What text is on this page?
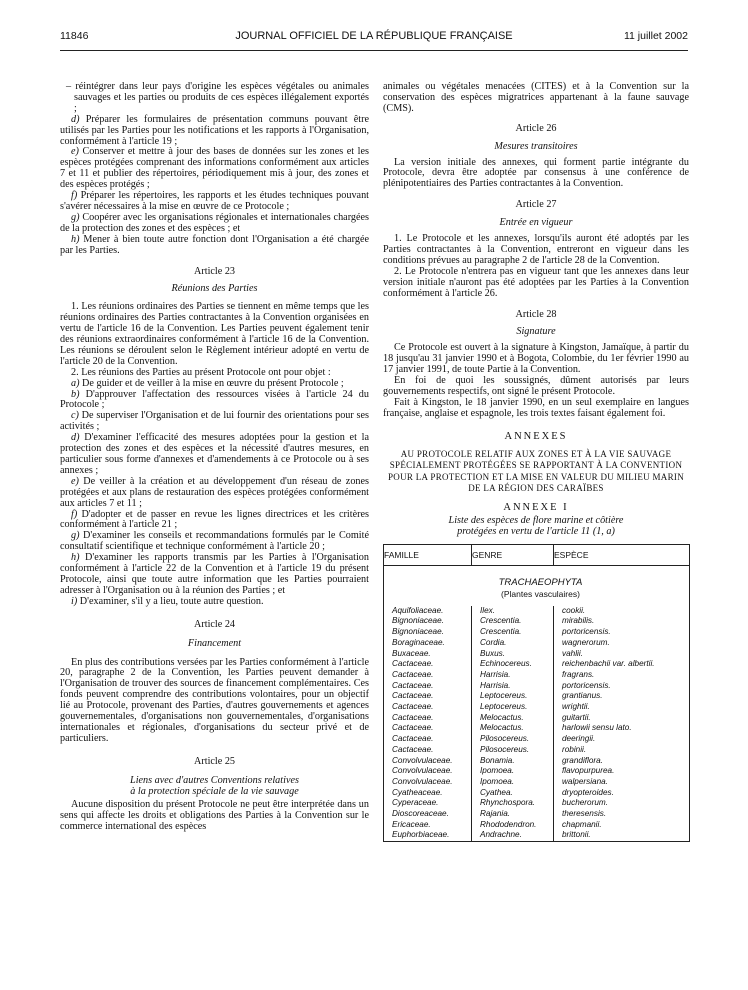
11846	JOURNAL OFFICIEL DE LA RÉPUBLIQUE FRANÇAISE	11 juillet 2002

– réintégrer dans leur pays d'origine les espèces végétales ou animales sauvages et les parties ou produits de ces espèces illégalement exportés ;

d) Préparer les formulaires de présentation communs pouvant être utilisés par les Parties pour les notifications et les rapports à l'Organisation, conformément à l'article 19 ;

e) Conserver et mettre à jour des bases de données sur les zones et les espèces protégées comprenant des informations conformément aux articles 7 et 11 et publier des répertoires, périodiquement mis à jour, des zones et des espèces protégés ;

f) Préparer les répertoires, les rapports et les études techniques pouvant s'avérer nécessaires à la mise en œuvre de ce Protocole ;

g) Coopérer avec les organisations régionales et internationales chargées de la protection des zones et des espèces ; et

h) Mener à bien toute autre fonction dont l'Organisation a été chargée par les Parties.

Article 23

Réunions des Parties

1. Les réunions ordinaires des Parties se tiennent en même temps que les réunions ordinaires des Parties contractantes à la Convention organisées en vertu de l'article 16 de la Convention. Les Parties peuvent également tenir des réunions extraordinaires conformément à l'article 16 de la Convention. Les réunions se déroulent selon le Règlement intérieur adopté en vertu de l'article 20 de la Convention.

2. Les réunions des Parties au présent Protocole ont pour objet :

a) De guider et de veiller à la mise en œuvre du présent Protocole ;

b) D'approuver l'affectation des ressources visées à l'article 24 du Protocole ;

c) De superviser l'Organisation et de lui fournir des orientations pour ses activités ;

d) D'examiner l'efficacité des mesures adoptées pour la gestion et la protection des zones et des espèces et la nécessité d'autres mesures, en particulier sous forme d'annexes et d'amendements à ce Protocole ou à ses annexes ;

e) De veiller à la création et au développement d'un réseau de zones protégées et aux plans de restauration des espèces protégées conformément aux articles 7 et 11 ;

f) D'adopter et de passer en revue les lignes directrices et les critères conformément à l'article 21 ;

g) D'examiner les conseils et recommandations formulés par le Comité consultatif scientifique et technique conformément à l'article 20 ;

h) D'examiner les rapports transmis par les Parties à l'Organisation conformément à l'article 22 de la Convention et à l'article 19 du présent Protocole, ainsi que toute autre information que les Parties pourraient adresser à l'Organisation ou à la réunion des Parties ; et

i) D'examiner, s'il y a lieu, toute autre question.

Article 24

Financement

En plus des contributions versées par les Parties conformément à l'article 20, paragraphe 2 de la Convention, les Parties peuvent demander à l'Organisation de trouver des sources de financement complémentaires. Ces fonds peuvent comprendre des contributions volontaires, pour un objectif lié au Protocole, provenant des Parties, d'autres gouvernements et agences gouvernementales, d'organisations non gouvernementales, d'organisations internationales et régionales, d'organisations du secteur privé et de particuliers.

Article 25

Liens avec d'autres Conventions relatives

à la protection spéciale de la vie sauvage

Aucune disposition du présent Protocole ne peut être interprétée dans un sens qui affecte les droits et obligations des Parties à la Convention sur le commerce international des espèces

animales ou végétales menacées (CITES) et à la Convention sur la conservation des espèces migratrices appartenant à la faune sauvage (CMS).

Article 26

Mesures transitoires

La version initiale des annexes, qui forment partie intégrante du Protocole, devra être adoptée par consensus à une conférence de plénipotentiaires des Parties contractantes à la Convention.

Article 27

Entrée en vigueur

1. Le Protocole et les annexes, lorsqu'ils auront été adoptés par les Parties contractantes à la Convention, entreront en vigueur dans les conditions prévues au paragraphe 2 de l'article 28 de la Convention.

2. Le Protocole n'entrera pas en vigueur tant que les annexes dans leur version initiale n'auront pas été adoptées par les Parties à la Convention conformément à l'article 26.

Article 28

Signature

Ce Protocole est ouvert à la signature à Kingston, Jamaïque, à partir du 18 jusqu'au 31 janvier 1990 et à Bogota, Colombie, du 1er février 1990 au 17 janvier 1991, de toute Partie à la Convention.

En foi de quoi les soussignés, dûment autorisés par leurs gouvernements respectifs, ont signé le présent Protocole.

Fait à Kingston, le 18 janvier 1990, en un seul exemplaire en langues française, anglaise et espagnole, les trois textes faisant également foi.

ANNEXES

AU PROTOCOLE RELATIF AUX ZONES ET À LA VIE SAUVAGE SPÉCIALEMENT PROTÉGÉES SE RAPPORTANT À LA CONVENTION POUR LA PROTECTION ET LA MISE EN VALEUR DU MILIEU MARIN DE LA RÉGION DES CARAÏBES

ANNEXE I

Liste des espèces de flore marine et côtière

protégées en vertu de l'article 11 (1, a)

FAMILLE	GENRE	ESPÈCE
TRACHAEOPHYTA		
(Plantes vasculaires)		
Aquifoliaceae.	Ilex.	cookii.
Bignoniaceae.	Crescentia.	mirabilis.
Bignoniaceae.	Crescentia.	portoricensis.
Boraginaceae.	Cordia.	wagnerorum.
Buxaceae.	Buxus.	vahlii.
Cactaceae.	Echinocereus.	reichenbachii var. albertii.
Cactaceae.	Harrisia.	fragrans.
Cactaceae.	Harrisia.	portoricensis.
Cactaceae.	Leptocereus.	grantianus.
Cactaceae.	Leptocereus.	wrightii.
Cactaceae.	Melocactus.	guitartii.
Cactaceae.	Melocactus.	harlowii sensu lato.
Cactaceae.	Pilosocereus.	deeringii.
Cactaceae.	Pilosocereus.	robinii.
Convolvulaceae.	Bonamia.	grandiflora.
Convolvulaceae.	Ipomoea.	flavopurpurea.
Convolvulaceae.	Ipomoea.	walpersiana.
Cyatheaceae.	Cyathea.	dryopteroides.
Cyperaceae.	Rhynchospora.	bucherorum.
Dioscoreaceae.	Rajania.	theresensis.
Ericaceae.	Rhododendron.	chapmanii.
Euphorbiaceae.	Andrachne.	brittonii.
